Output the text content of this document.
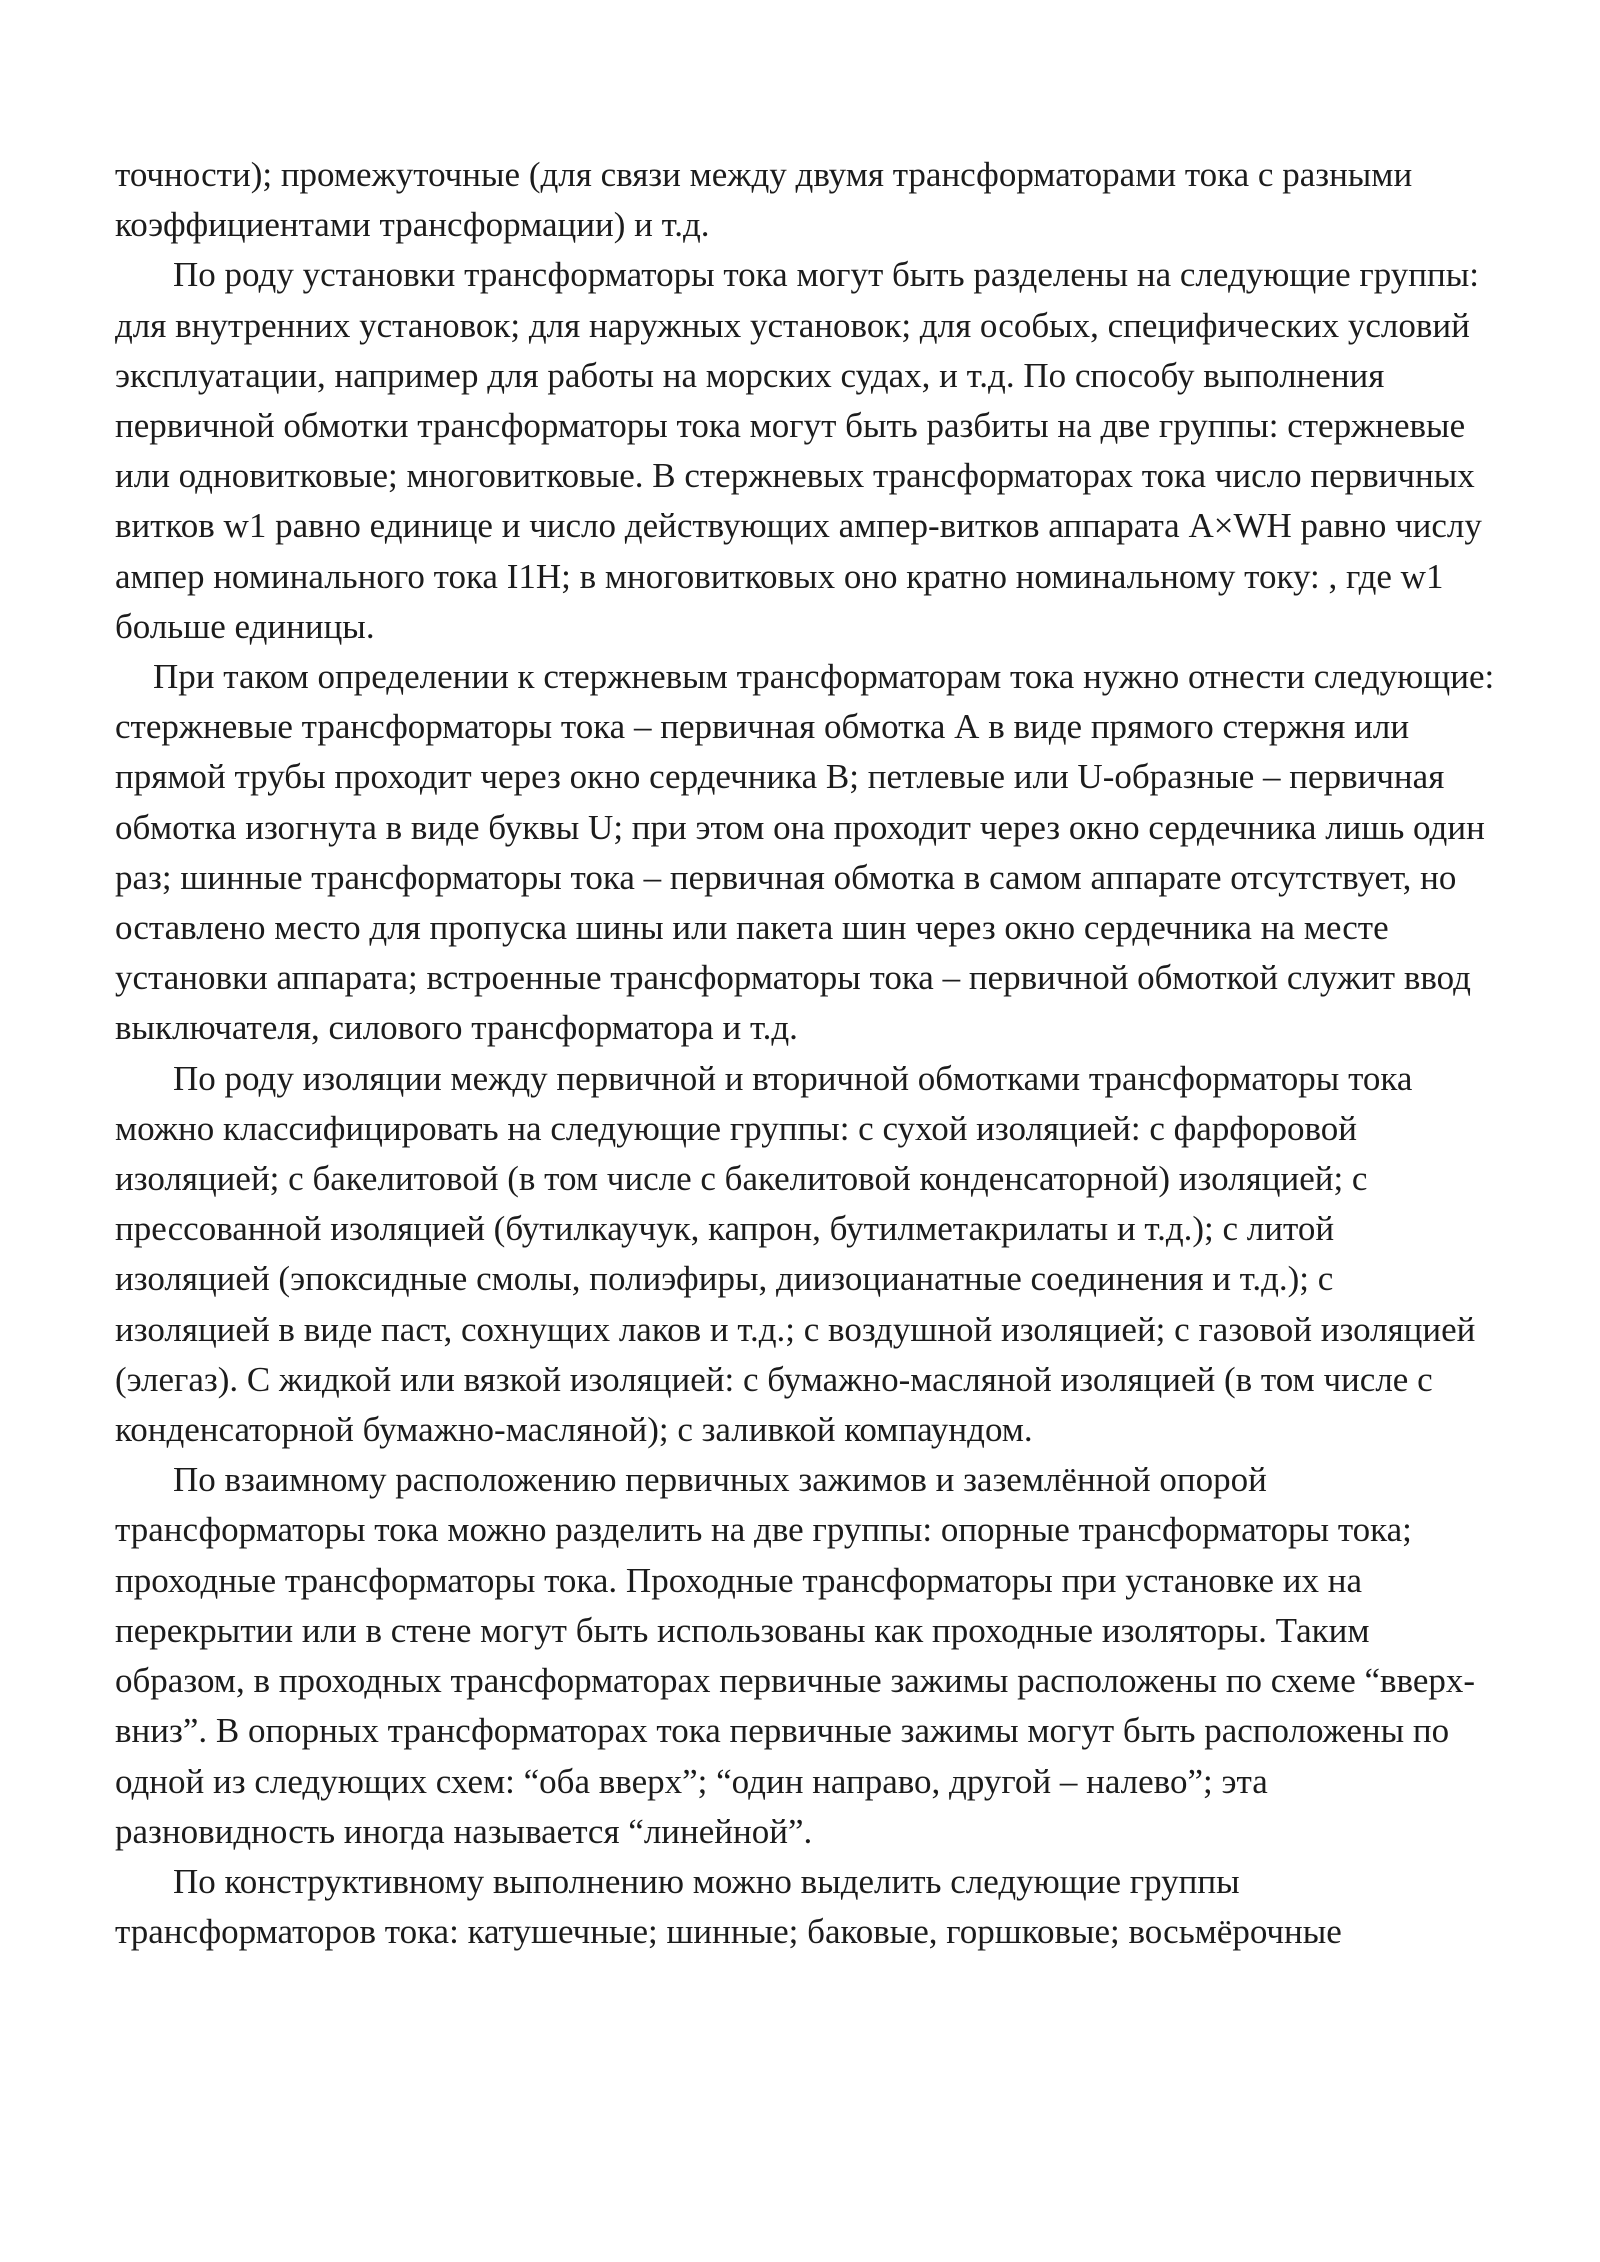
точности); промежуточные (для связи между двумя трансформаторами тока с разными коэффициентами трансформации) и т.д.

По роду установки трансформаторы тока могут быть разделены на следующие группы: для внутренних установок; для наружных установок; для особых, специфических условий эксплуатации, например для работы на морских судах, и т.д. По способу выполнения первичной обмотки трансформаторы тока могут быть разбиты на две группы: стержневые или одновитковые; многовитковые. В стержневых трансформаторах тока число первичных витков w1 равно единице и число действующих ампер-витков аппарата A×WH равно числу ампер номинального тока I1H; в многовитковых оно кратно номинальному току: , где w1 больше единицы.

При таком определении к стержневым трансформаторам тока нужно отнести следующие: стержневые трансформаторы тока – первичная обмотка А в виде прямого стержня или прямой трубы проходит через окно сердечника В; петлевые или U-образные – первичная обмотка изогнута в виде буквы U; при этом она проходит через окно сердечника лишь один раз; шинные трансформаторы тока – первичная обмотка в самом аппарате отсутствует, но оставлено место для пропуска шины или пакета шин через окно сердечника на месте установки аппарата; встроенные трансформаторы тока – первичной обмоткой служит ввод выключателя, силового трансформатора и т.д.

По роду изоляции между первичной и вторичной обмотками трансформаторы тока можно классифицировать на следующие группы: с сухой изоляцией: с фарфоровой изоляцией; с бакелитовой (в том числе с бакелитовой конденсаторной) изоляцией; с прессованной изоляцией (бутилкаучук, капрон, бутилметакрилаты и т.д.); с литой изоляцией (эпоксидные смолы, полиэфиры, диизоцианатные соединения и т.д.); с изоляцией в виде паст, сохнущих лаков и т.д.; с воздушной изоляцией; с газовой изоляцией (элегаз). С жидкой или вязкой изоляцией: с бумажно-масляной изоляцией (в том числе с конденсаторной бумажно-масляной); с заливкой компаундом.

По взаимному расположению первичных зажимов и заземлённой опорой трансформаторы тока можно разделить на две группы: опорные трансформаторы тока; проходные трансформаторы тока. Проходные трансформаторы при установке их на перекрытии или в стене могут быть использованы как проходные изоляторы. Таким образом, в проходных трансформаторах первичные зажимы расположены по схеме “вверх-вниз”. В опорных трансформаторах тока первичные зажимы могут быть расположены по одной из следующих схем: “оба вверх”; “один направо, другой – налево”; эта разновидность иногда называется “линейной”.

По конструктивному выполнению можно выделить следующие группы трансформаторов тока: катушечные; шинные; баковые, горшковые; восьмёрочные
